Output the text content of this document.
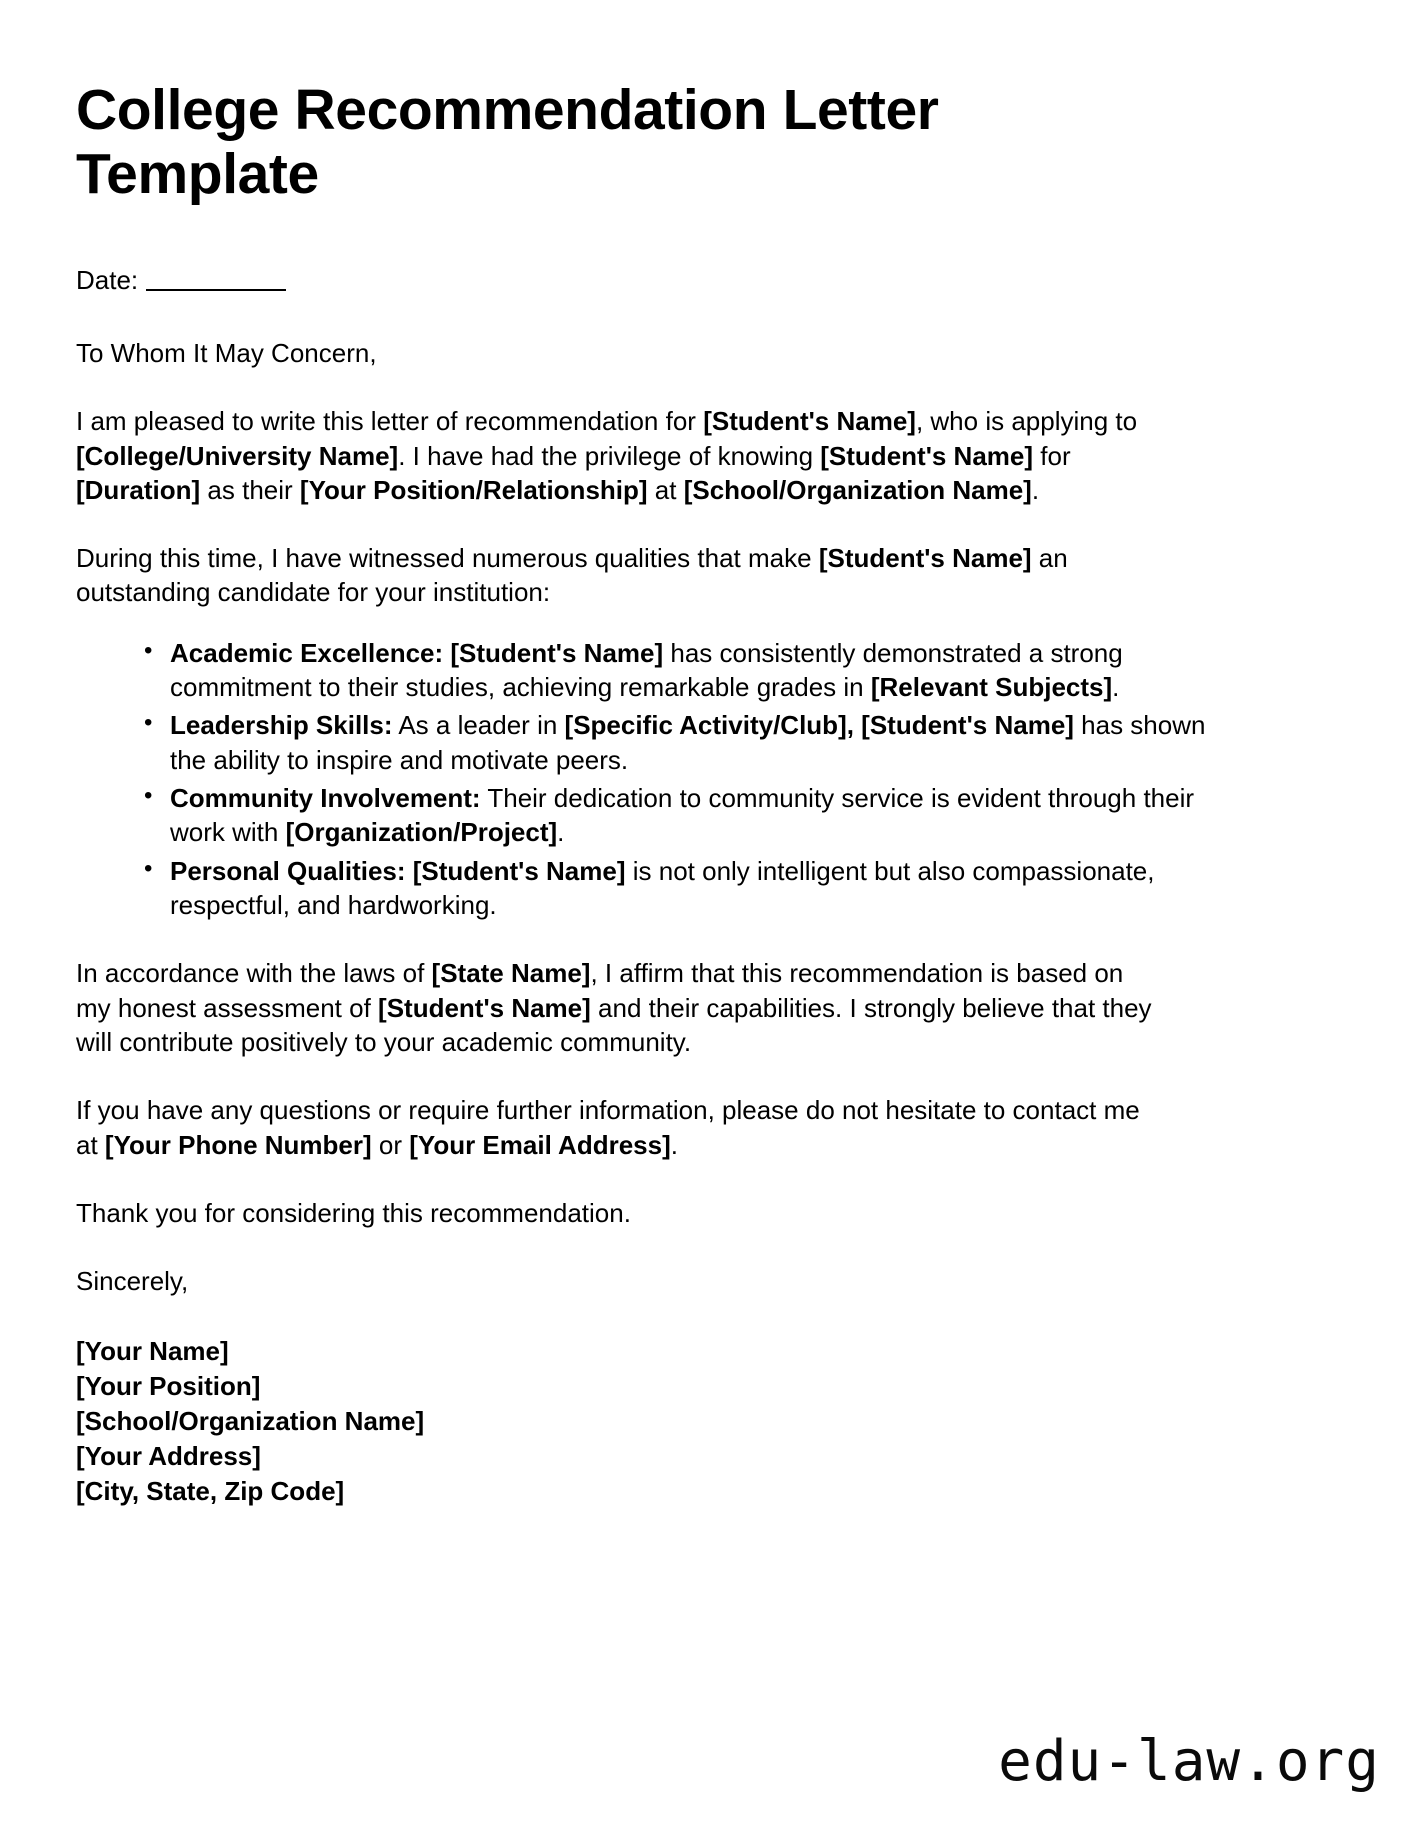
College Recommendation Letter Template
Date:

To Whom It May Concern,

I am pleased to write this letter of recommendation for [Student's Name], who is applying to [College/University Name]. I have had the privilege of knowing [Student's Name] for [Duration] as their [Your Position/Relationship] at [School/Organization Name].

During this time, I have witnessed numerous qualities that make [Student's Name] an outstanding candidate for your institution:

• Academic Excellence: [Student's Name] has consistently demonstrated a strong commitment to their studies, achieving remarkable grades in [Relevant Subjects].
• Leadership Skills: As a leader in [Specific Activity/Club], [Student's Name] has shown the ability to inspire and motivate peers.
• Community Involvement: Their dedication to community service is evident through their work with [Organization/Project].
• Personal Qualities: [Student's Name] is not only intelligent but also compassionate, respectful, and hardworking.

In accordance with the laws of [State Name], I affirm that this recommendation is based on my honest assessment of [Student's Name] and their capabilities. I strongly believe that they will contribute positively to your academic community.

If you have any questions or require further information, please do not hesitate to contact me at [Your Phone Number] or [Your Email Address].

Thank you for considering this recommendation.

Sincerely,

[Your Name]
[Your Position]
[School/Organization Name]
[Your Address]
[City, State, Zip Code]
edu-law.org
